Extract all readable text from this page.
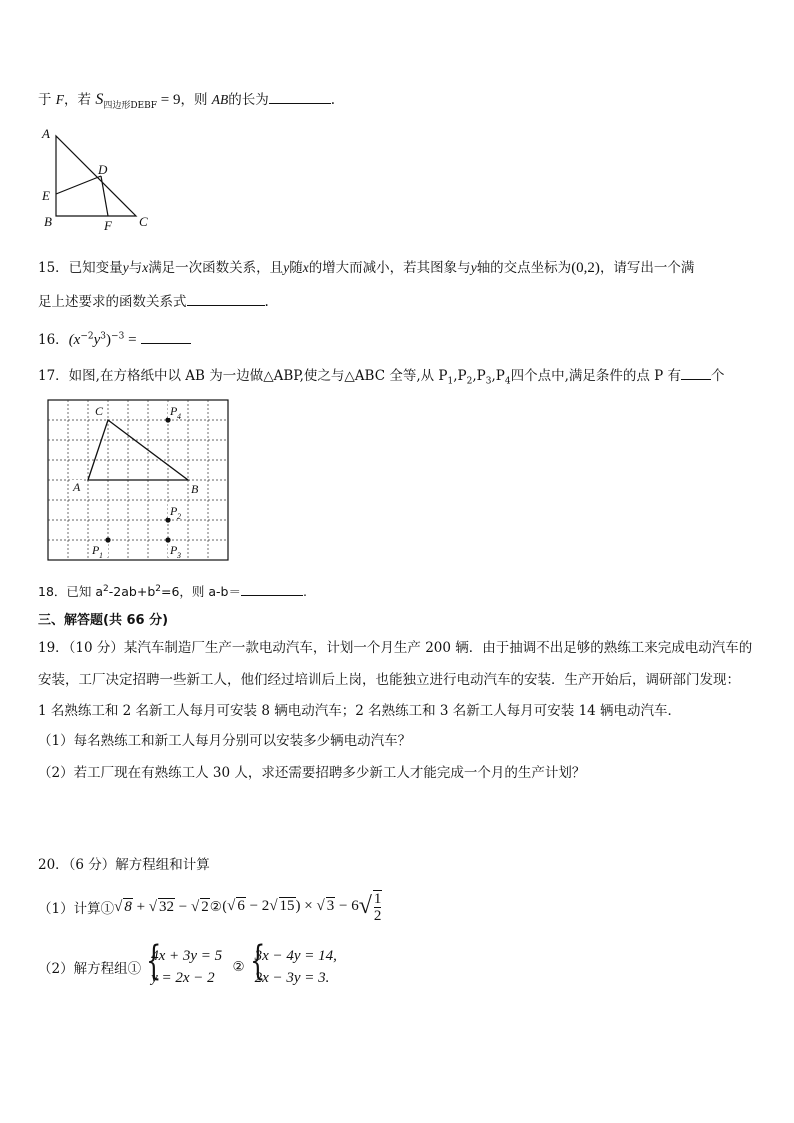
于 F，若 $S_{四边形DEBF} = 9$，则 AB的长为	.
A
D
E
B	F C
15．已知变量y与x满足一次函数关系，且y随x的增大而减小，若其图象与y轴的交点坐标为(0,2)，请写出一个满
足上述要求的函数关系式	.
16．$(x^{-2}y^3)^{-3}$ =
17．如图,在方格纸中以 AB 为一边做△ABP,使之与△ABC 全等,从 $P_1,P_2,P_3,P_4$四个点中,满足条件的点 P 有 个
C
A	B
P 4
P 2
P 1	P 3
18．已知 $a^2-2ab+b^2=6$，则 a-b＝	.
三、解答题(共 66 分)
19．（10 分）某汽车制造厂生产一款电动汽车，计划一个月生产 200 辆．由于抽调不出足够的熟练工来完成电动汽车的
安装，工厂决定招聘一些新工人，他们经过培训后上岗，也能独立进行电动汽车的安装．生产开始后，调研部门发现：
1 名熟练工和 2 名新工人每月可安装 8 辆电动汽车；2 名熟练工和 3 名新工人每月可安装 14 辆电动汽车．
（1）每名熟练工和新工人每月分别可以安装多少辆电动汽车？
（2）若工厂现在有熟练工人 30 人，求还需要招聘多少新工人才能完成一个月的生产计划？
20．（6 分）解方程组和计算
（1）计算①√ 8 + √ 32 − √ 2②(√ 6 − 2√ 15) × √ $3 - 6√ \frac{1}{2}$
（2）解方程组① {
4x + 3y = 5
y = 2x − 2
② {
3x − 4y = 14,
2x − 3y = 3.
